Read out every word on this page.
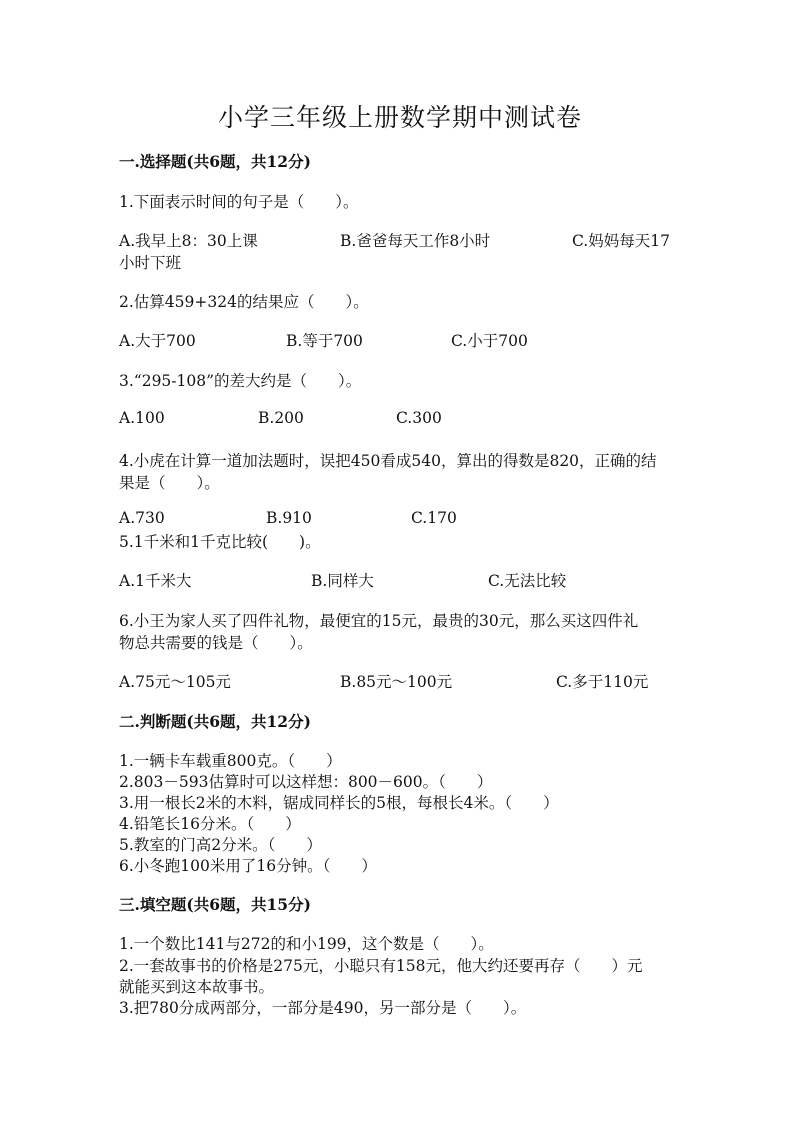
小学三年级上册数学期中测试卷
一.选择题(共6题，共12分)
1.下面表示时间的句子是（　　）。
A.我早上8：30上课	B.爸爸每天工作8小时	C.妈妈每天17
小时下班
2.估算459+324的结果应（　　）。
A.大于700	B.等于700	C.小于700
3.“295-108”的差大约是（　　）。
A.100	B.200	C.300
4.小虎在计算一道加法题时，误把450看成540，算出的得数是820，正确的结
果是（　　）。
A.730	B.910	C.170
5.1千米和1千克比较(　　)。
A.1千米大	B.同样大	C.无法比较
6.小王为家人买了四件礼物，最便宜的15元，最贵的30元，那么买这四件礼
物总共需要的钱是（　　）。
A.75元～105元	B.85元～100元	C.多于110元
二.判断题(共6题，共12分)
1.一辆卡车载重800克。（　　）
2.803－593估算时可以这样想：800－600。（　　）
3.用一根长2米的木料，锯成同样长的5根，每根长4米。（　　）
4.铅笔长16分米。（　　）
5.教室的门高2分米。（　　）
6.小冬跑100米用了16分钟。（　　）
三.填空题(共6题，共15分)
1.一个数比141与272的和小199，这个数是（　　）。
2.一套故事书的价格是275元，小聪只有158元，他大约还要再存（　　）元
就能买到这本故事书。
3.把780分成两部分，一部分是490，另一部分是（　　）。
